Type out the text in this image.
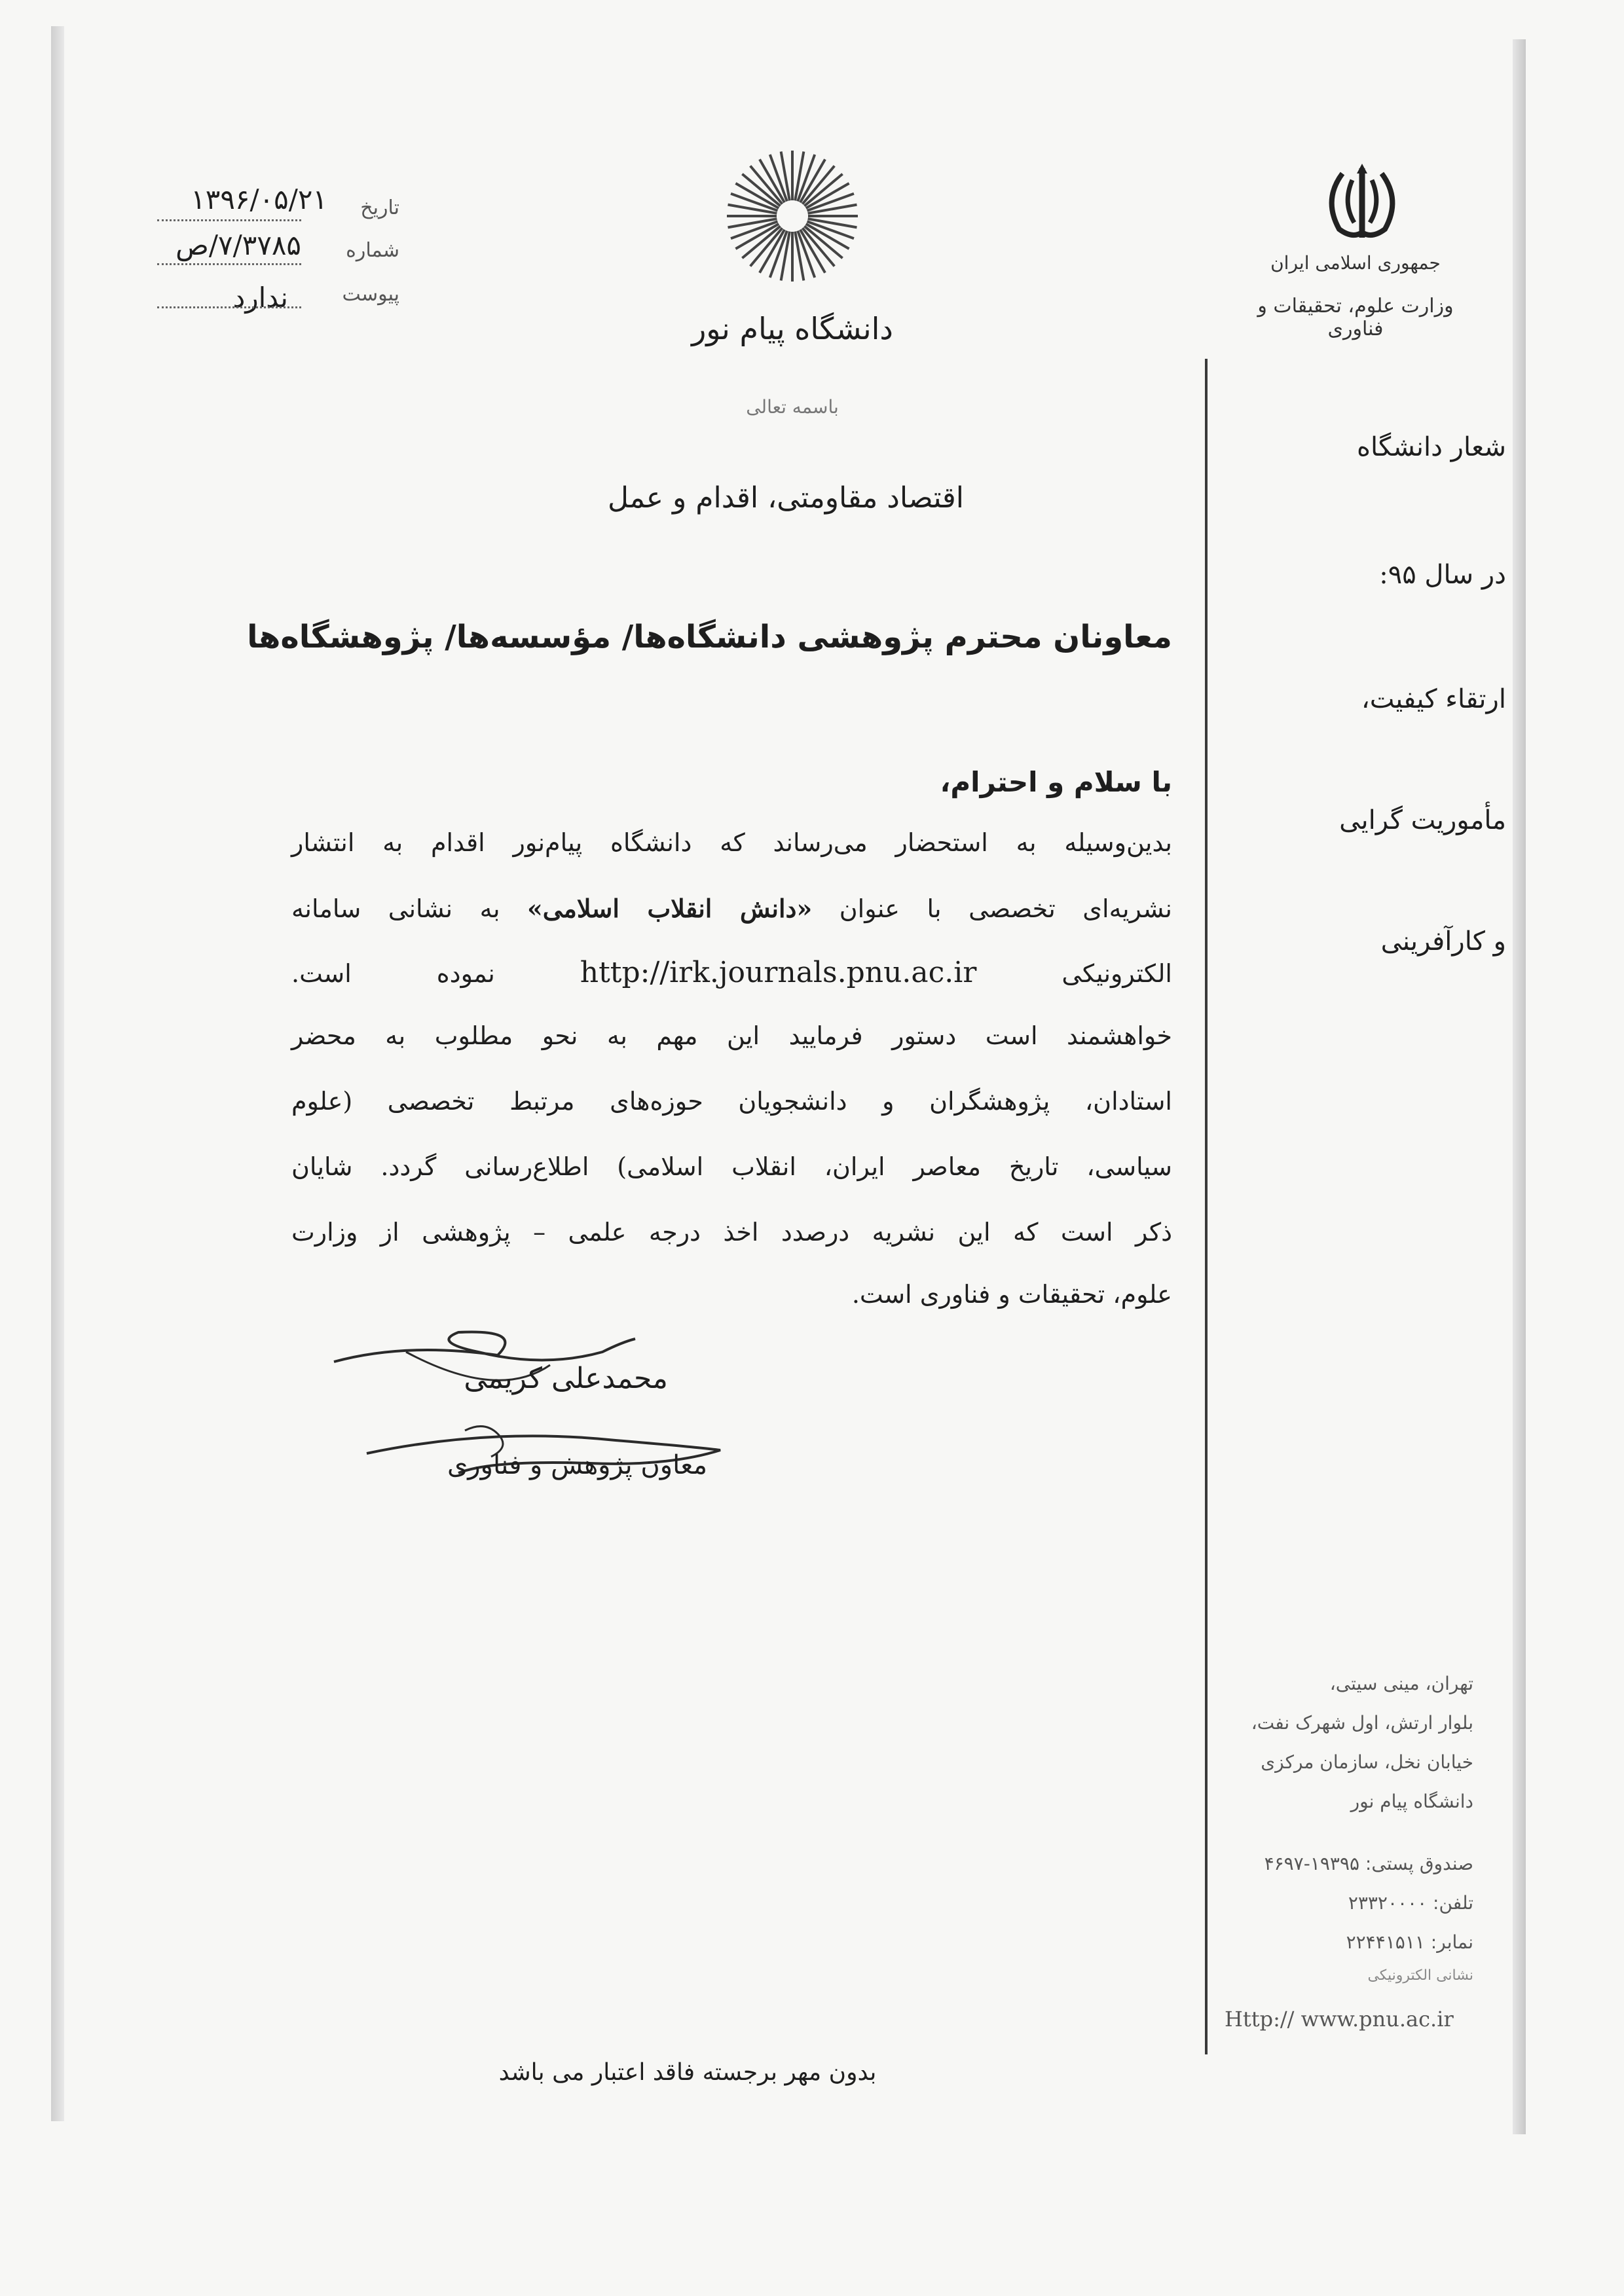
جمهوری اسلامی ایران
وزارت علوم، تحقیقات و فناوری
دانشگاه پیام نور
باسمه تعالی
تاریخ
۱۳۹۶/۰۵/۲۱
شماره
۷/۳۷۸۵/ص
پیوست
ندارد
شعار دانشگاه
در سال ۹۵:
ارتقاء کیفیت،
مأموریت گرایی
و کارآفرینی
تهران، مینی سیتی،
بلوار ارتش، اول شهرک نفت،
خیابان نخل، سازمان مرکزی
دانشگاه پیام نور
صندوق پستی: ۱۹۳۹۵-۴۶۹۷
تلفن: ۲۳۳۲۰۰۰۰
نمابر: ۲۲۴۴۱۵۱۱
نشانی الکترونیکی
Http:// www.pnu.ac.ir
اقتصاد مقاومتی، اقدام و عمل
معاونان محترم پژوهشی دانشگاه‌ها/ مؤسسه‌ها/ پژوهشگاه‌ها
با سلام و احترام،
بدین‌وسیله به استحضار می‌رساند که دانشگاه پیام‌نور اقدام به انتشار
نشریه‌ای تخصصی با عنوان «دانش انقلاب اسلامی» به نشانی سامانه
الکترونیکی http://irk.journals.pnu.ac.ir نموده است.
خواهشمند است دستور فرمایید این مهم به نحو مطلوب به محضر
استادان، پژوهشگران و دانشجویان حوزه‌های مرتبط تخصصی (علوم
سیاسی، تاریخ معاصر ایران، انقلاب اسلامی) اطلاع‌رسانی گردد. شایان
ذکر است که این نشریه درصدد اخذ درجه علمی – پژوهشی از وزارت
علوم، تحقیقات و فناوری است.
محمدعلی کریمی
معاون پژوهش و فناوری
بدون مهر برجسته فاقد اعتبار می باشد
